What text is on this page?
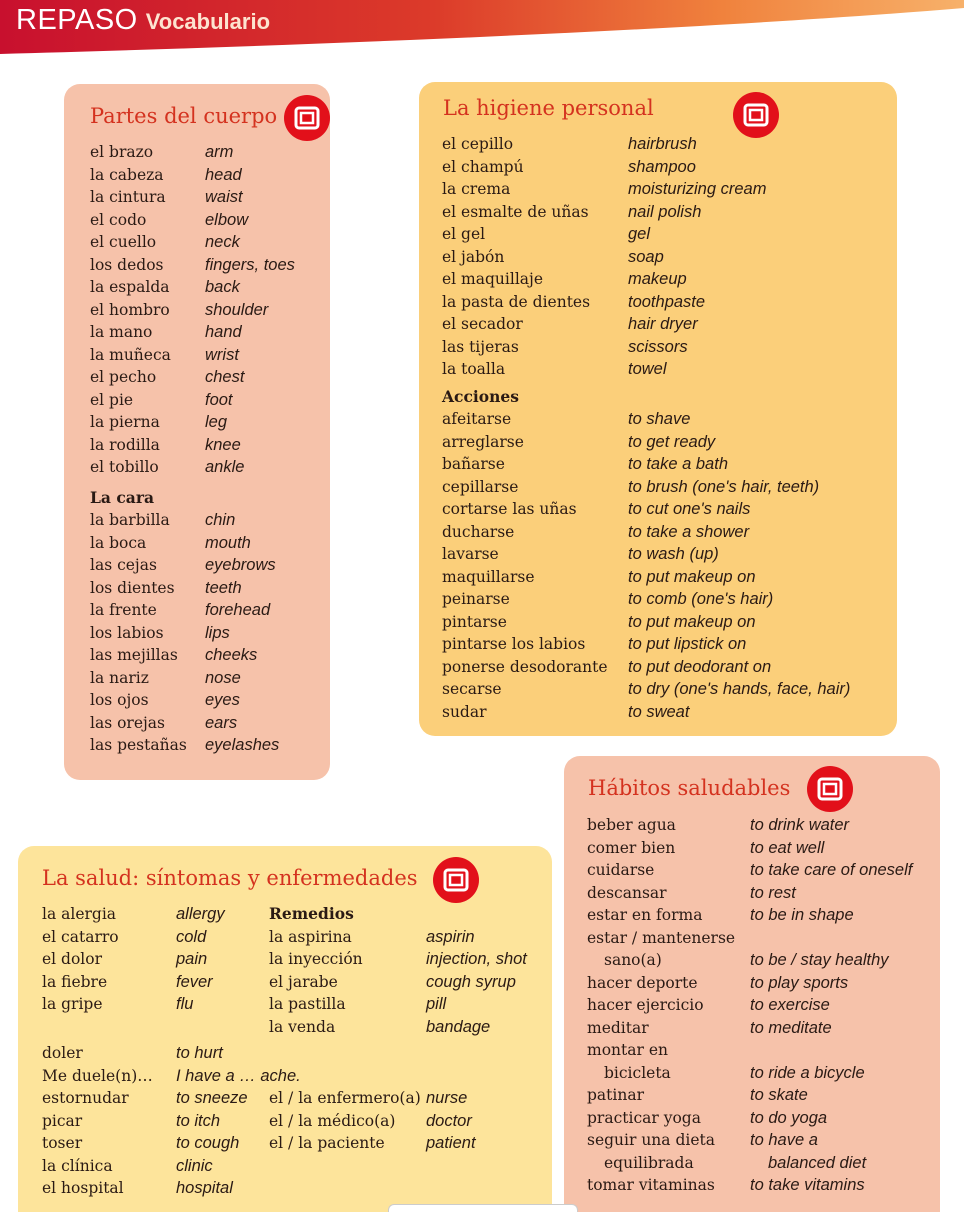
REPASO Vocabulario
Partes del cuerpo
el brazo	arm
la cabeza	head
la cintura waist
el codo	elbow
el cuello	neck
los dedos	fingers, toes
la espalda back
el hombro shoulder
la mano	hand
la muñeca wrist
el pecho	chest
el pie	foot
la pierna	leg
la rodilla	knee
el tobillo	ankle
La cara
la barbilla chin
la boca	mouth
las cejas	eyebrows
los dientes teeth
la frente	forehead
los labios	lips
las mejillas cheeks
la nariz	nose
los ojos	eyes
las orejas ears
las pestañas eyelashes
La higiene personal
el cepillo	hairbrush
el champú	shampoo
la crema	moisturizing cream
el esmalte de uñas nail polish
el gel	gel
el jabón	soap
el maquillaje	makeup
la pasta de dientes toothpaste
el secador	hair dryer
las tijeras	scissors
la toalla	towel
Acciones
afeitarse	to shave
arreglarse	to get ready
bañarse	to take a bath
cepillarse	to brush (one's hair, teeth)
cortarse las uñas	to cut one's nails
ducharse	to take a shower
lavarse	to wash (up)
maquillarse	to put makeup on
peinarse	to comb (one's hair)
pintarse	to put makeup on
pintarse los labios	to put lipstick on
ponerse desodorante to put deodorant on
secarse	to dry (one's hands, face, hair)
sudar	to sweat
Hábitos saludables
beber agua	to drink water
comer bien	to eat well
cuidarse	to take care of oneself
descansar	to rest
estar en forma	to be in shape
estar / mantenerse
sano(a)	to be / stay healthy
hacer deporte	to play sports
hacer ejercicio	to exercise
meditar	to meditate
montar en
bicicleta	to ride a bicycle
patinar	to skate
practicar yoga	to do yoga
seguir una dieta to have a
equilibrada	balanced diet
tomar vitaminas to take vitamins
La salud: síntomas y enfermedades
la alergia	allergy
el catarro	cold
el dolor	pain
la fiebre	fever
la gripe	flu
Remedios
la aspirina	aspirin
la inyección	injection, shot
el jarabe	cough syrup
la pastilla	pill
la venda	bandage
doler	to hurt
Me duele(n)… I have a … ache.
estornudar	to sneeze
picar	to itch
toser	to cough
la clínica	clinic
el hospital	hospital
el / la enfermero(a) nurse
el / la médico(a) doctor
el / la paciente	patient
